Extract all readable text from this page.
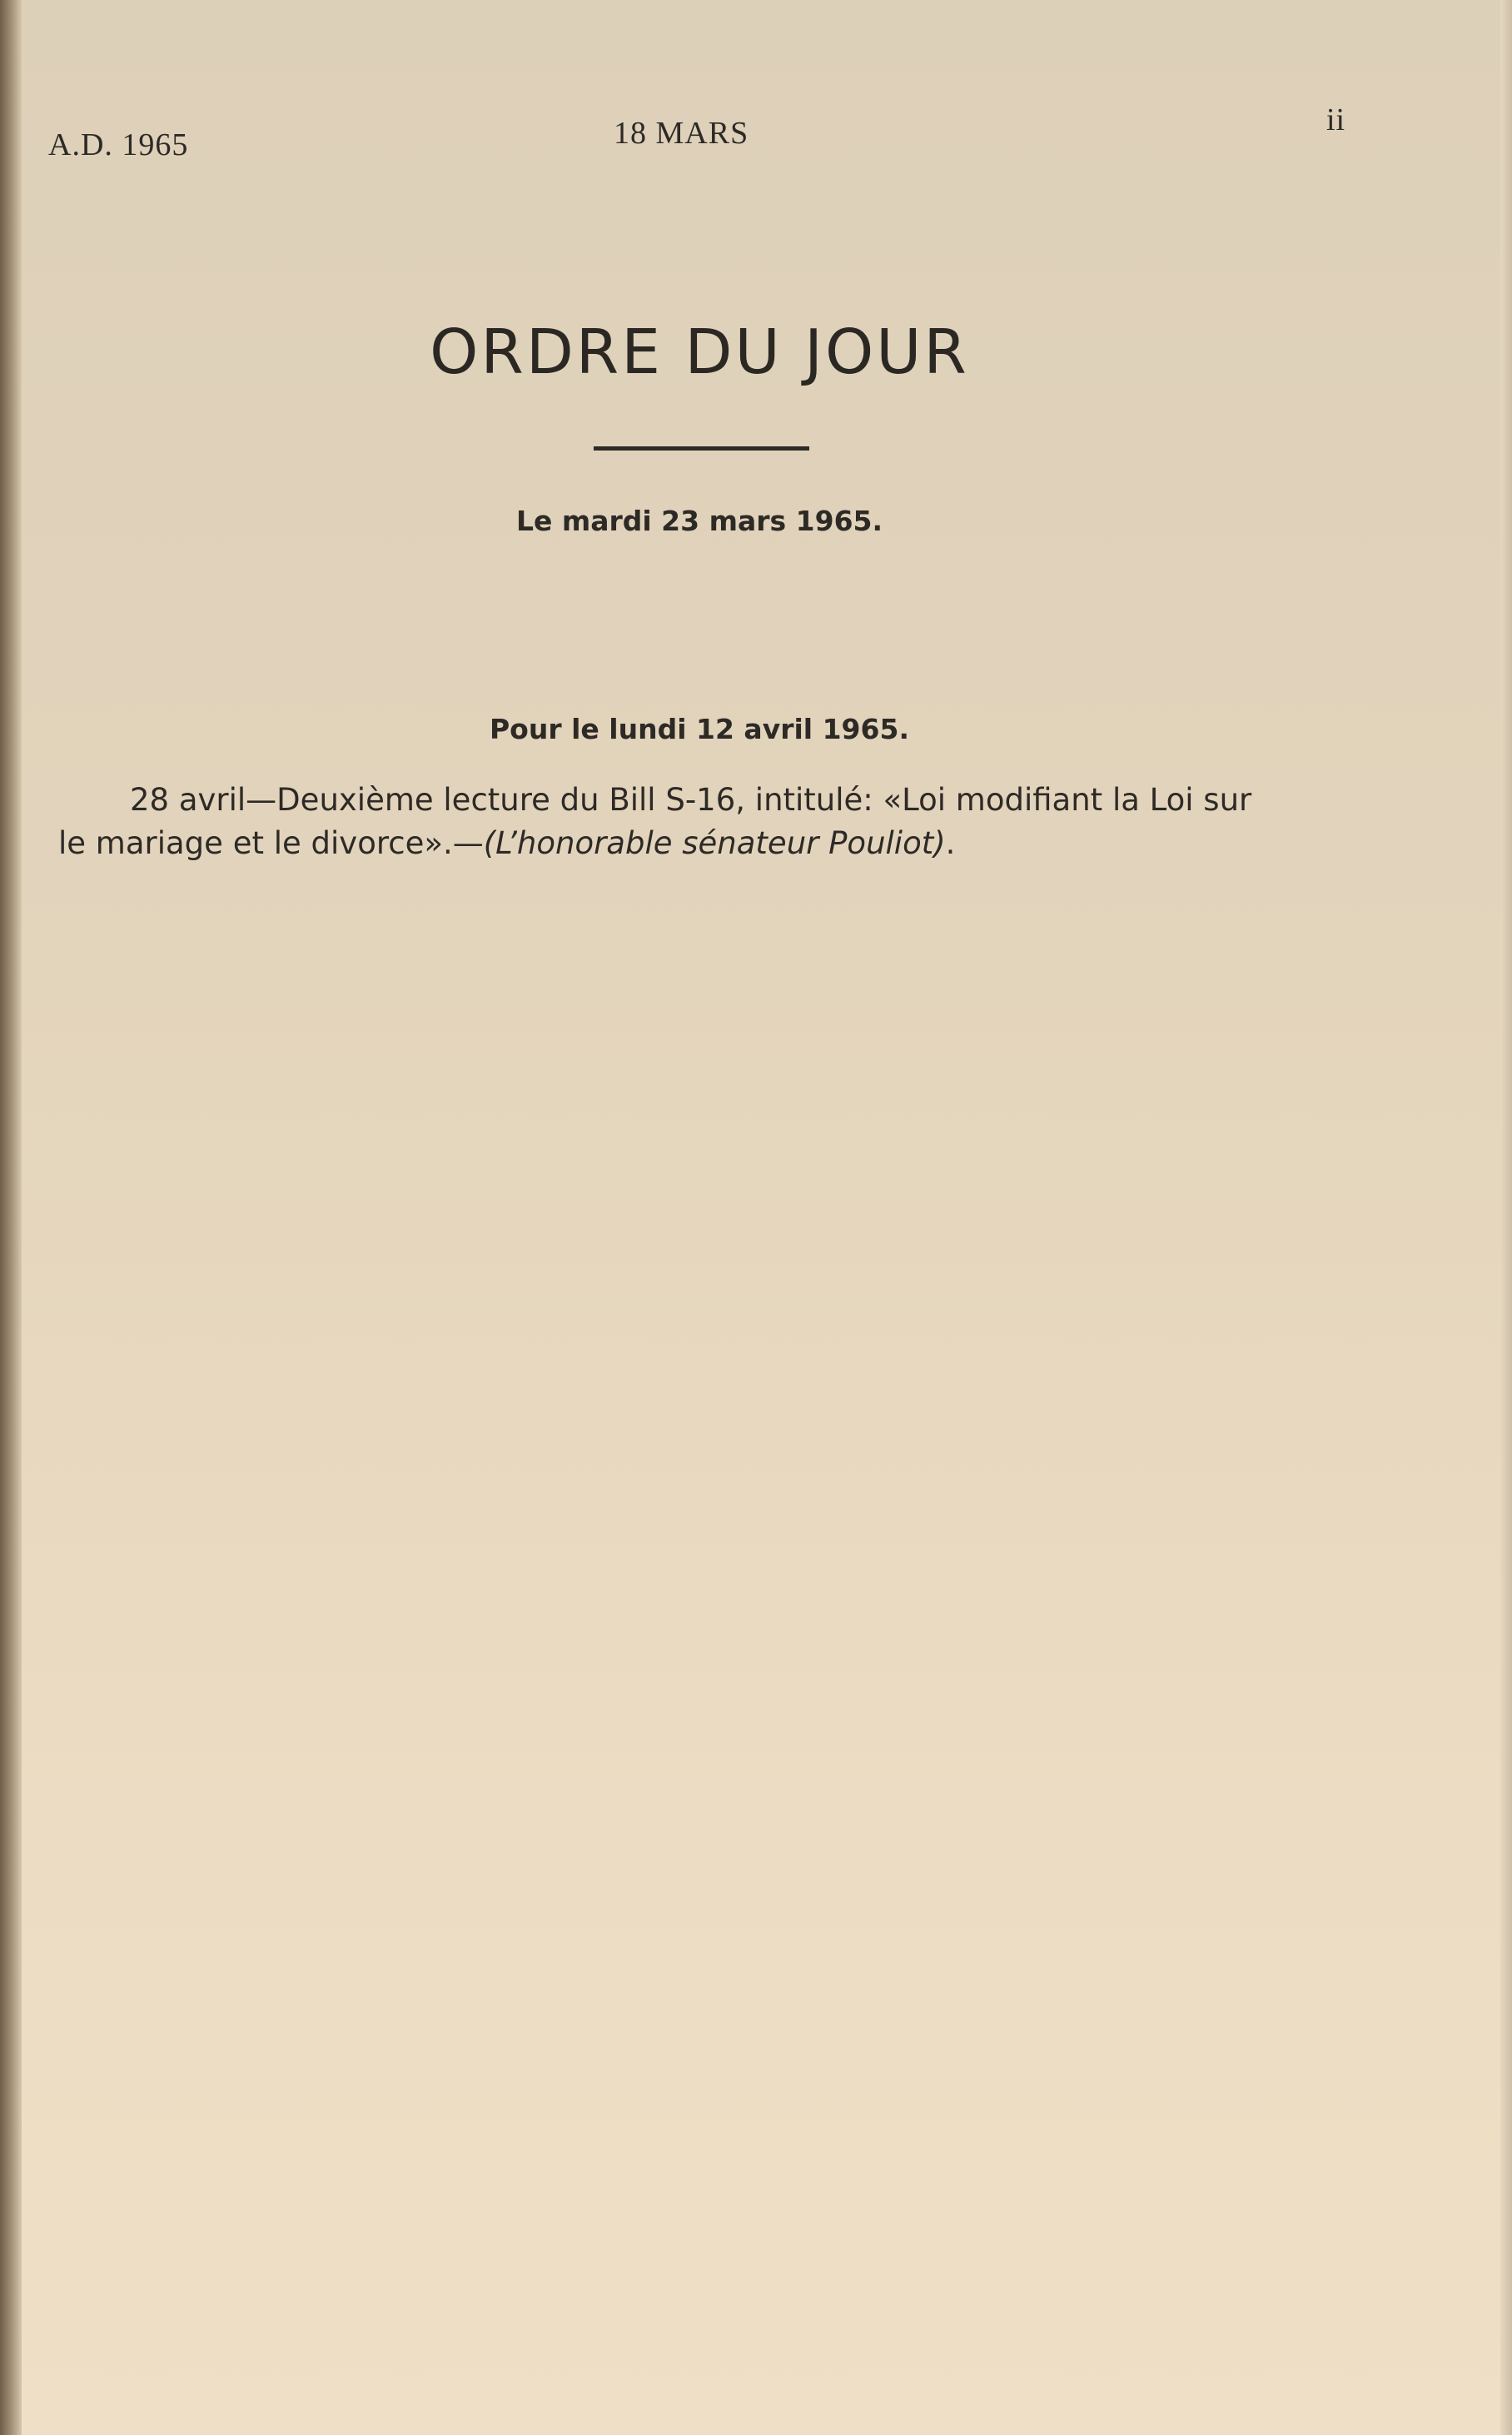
A.D. 1965	18 MARS	ii
ORDRE DU JOUR
Le mardi 23 mars 1965.
Pour le lundi 12 avril 1965.
28 avril—Deuxième lecture du Bill S-16, intitulé: «Loi modifiant la Loi sur
le mariage et le divorce».—(L’honorable sénateur Pouliot).
